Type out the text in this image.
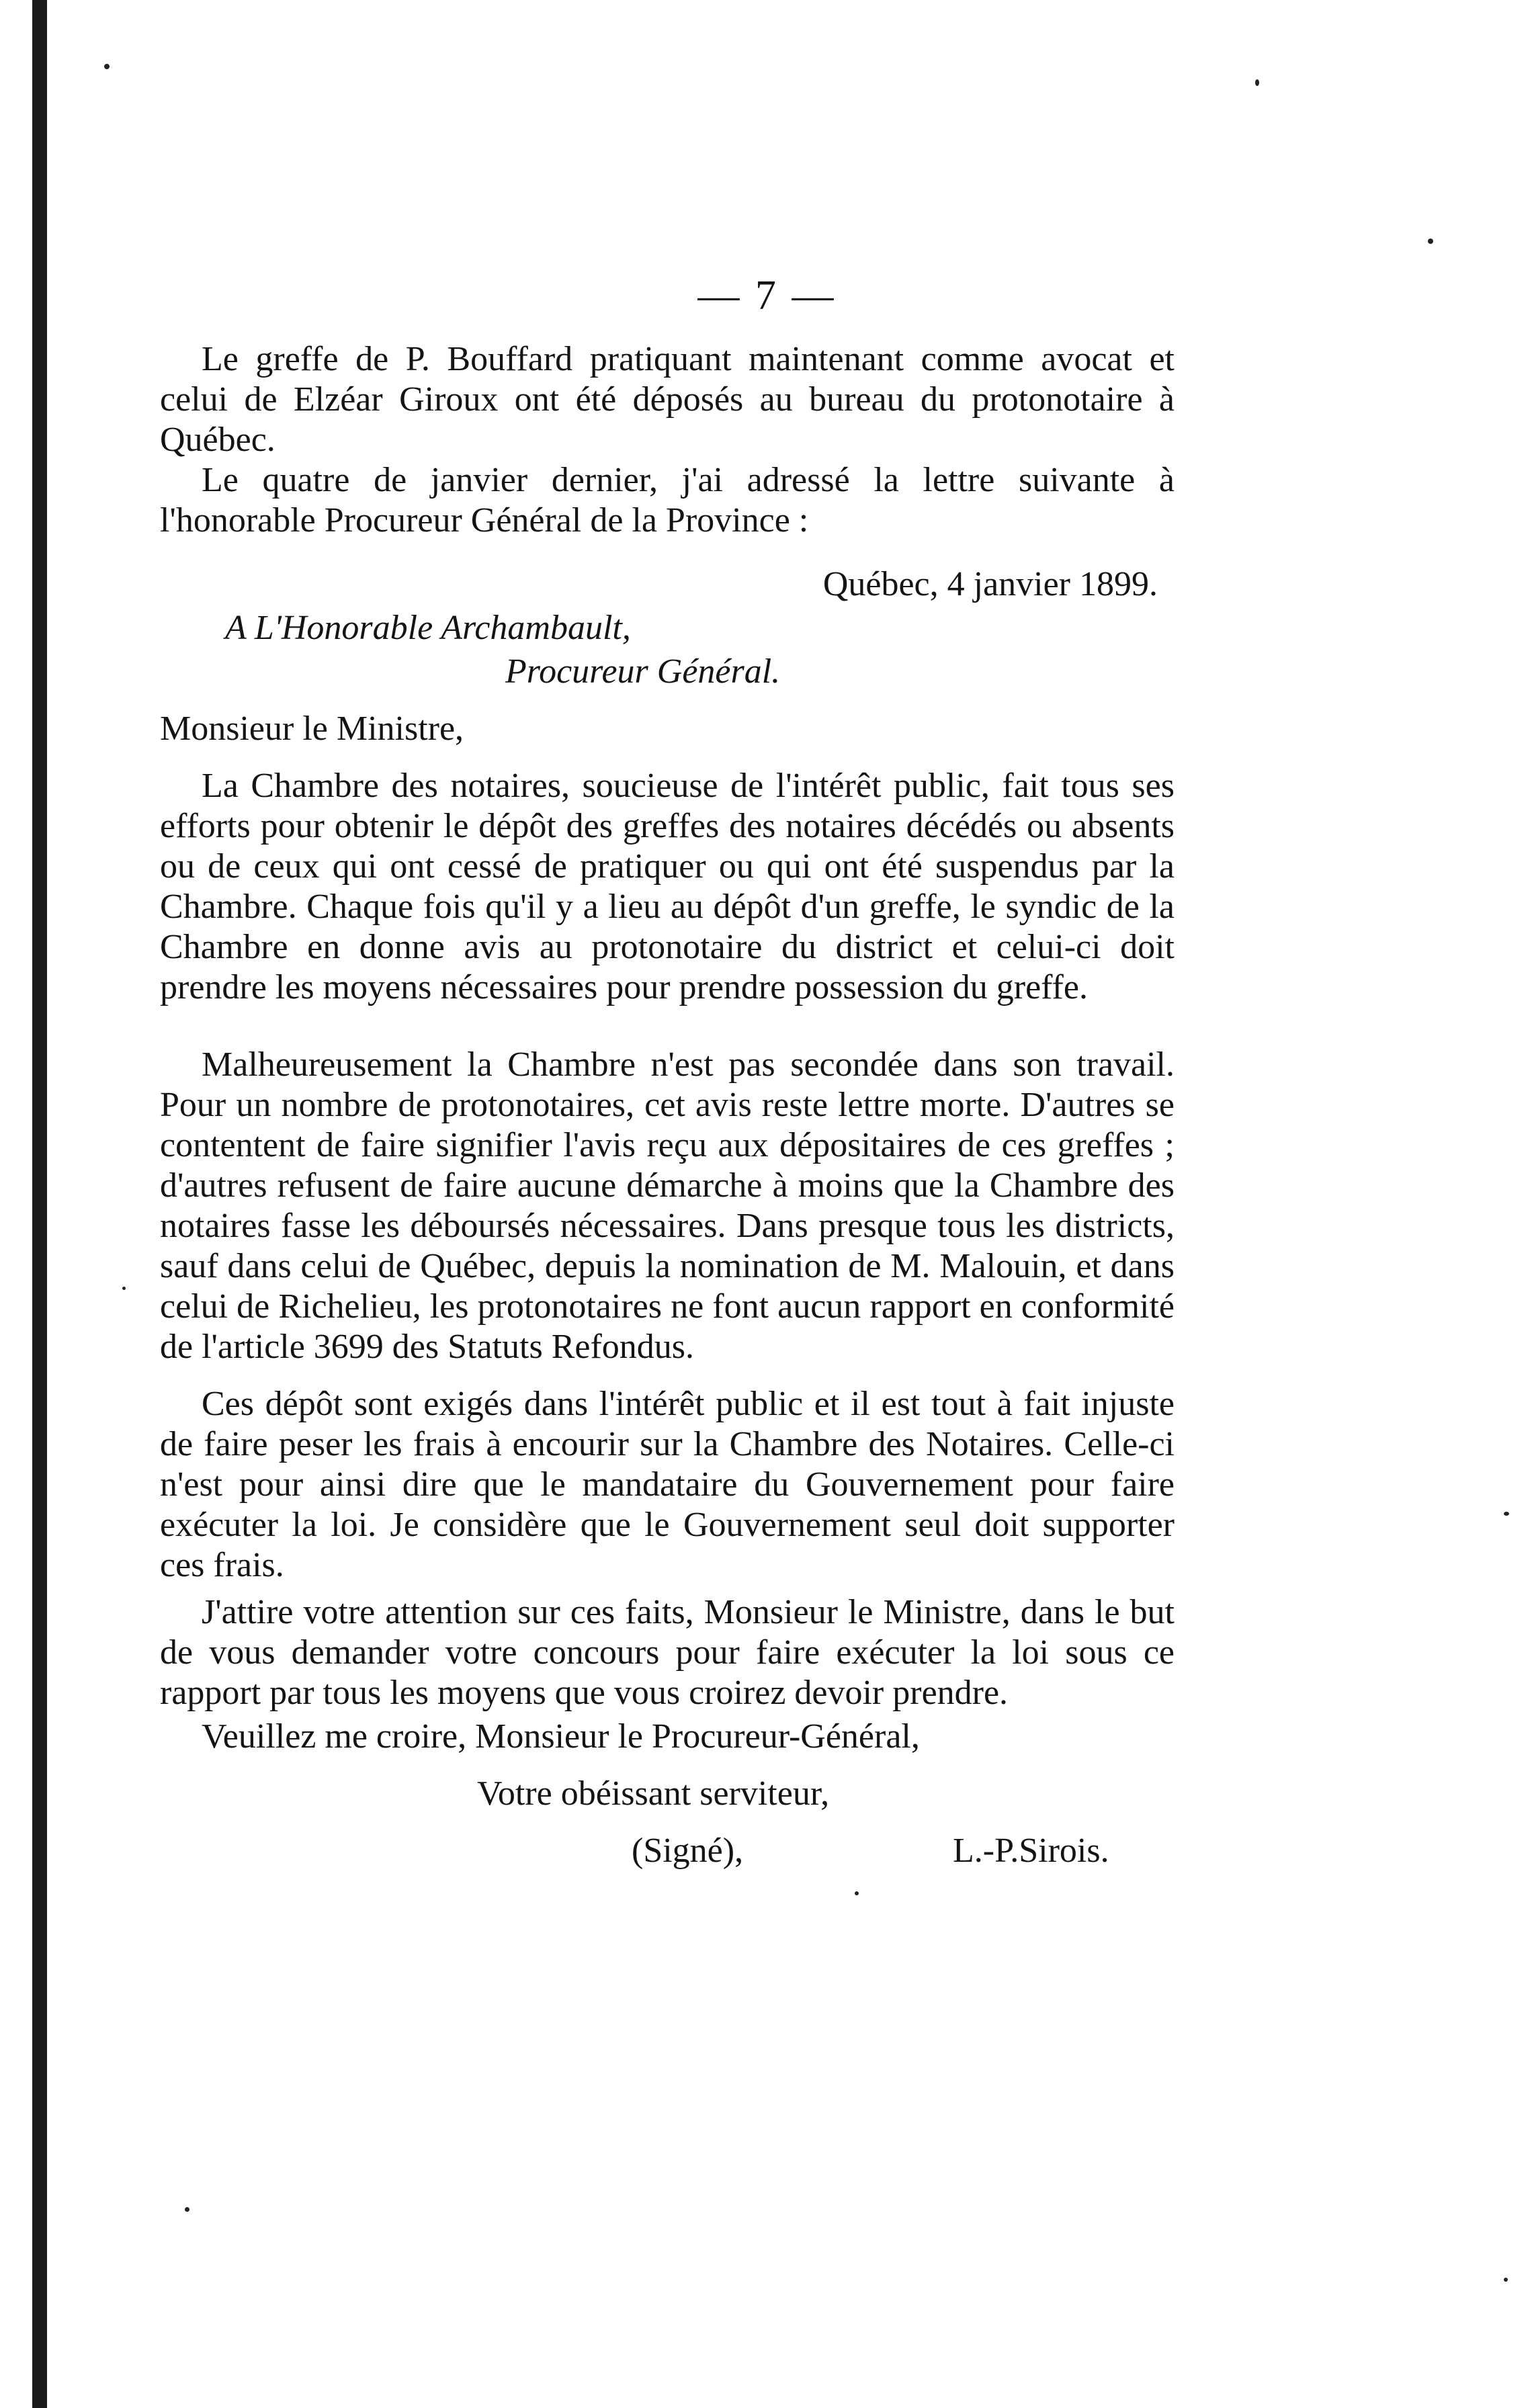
— 7 —

Le greffe de P. Bouffard pratiquant maintenant comme avocat et celui de Elzéar Giroux ont été déposés au bureau du protonotaire à Québec.

Le quatre de janvier dernier, j'ai adressé la lettre suivante à l'honorable Procureur Général de la Province :

Québec, 4 janvier 1899.
A L'Honorable Archambault,
Procureur Général.
Monsieur le Ministre,

La Chambre des notaires, soucieuse de l'intérêt public, fait tous ses efforts pour obtenir le dépôt des greffes des notaires décédés ou absents ou de ceux qui ont cessé de pratiquer ou qui ont été suspendus par la Chambre. Chaque fois qu'il y a lieu au dépôt d'un greffe, le syndic de la Chambre en donne avis au protonotaire du district et celui-ci doit prendre les moyens nécessaires pour prendre possession du greffe.

Malheureusement la Chambre n'est pas secondée dans son travail. Pour un nombre de protonotaires, cet avis reste lettre morte. D'autres se contentent de faire signifier l'avis reçu aux dépositaires de ces greffes ; d'autres refusent de faire aucune démarche à moins que la Chambre des notaires fasse les déboursés nécessaires. Dans presque tous les districts, sauf dans celui de Québec, depuis la nomination de M. Malouin, et dans celui de Richelieu, les protonotaires ne font aucun rapport en conformité de l'article 3699 des Statuts Refondus.

Ces dépôt sont exigés dans l'intérêt public et il est tout à fait injuste de faire peser les frais à encourir sur la Chambre des Notaires. Celle-ci n'est pour ainsi dire que le mandataire du Gouvernement pour faire exécuter la loi. Je considère que le Gouvernement seul doit supporter ces frais.

J'attire votre attention sur ces faits, Monsieur le Ministre, dans le but de vous demander votre concours pour faire exécuter la loi sous ce rapport par tous les moyens que vous croirez devoir prendre.

Veuillez me croire, Monsieur le Procureur-Général,
Votre obéissant serviteur,
(Signé),	L.-P.Sirois.
